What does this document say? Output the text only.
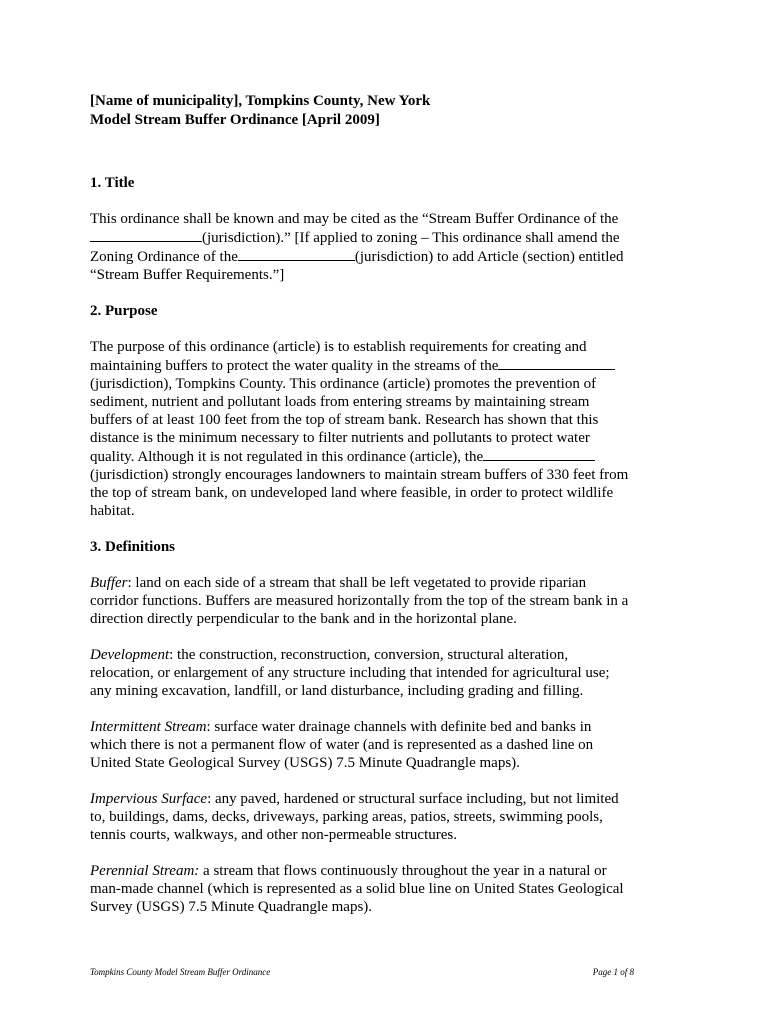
[Name of municipality], Tompkins County, New York

Model Stream Buffer Ordinance [April 2009]

1. Title

This ordinance shall be known and may be cited as the “Stream Buffer Ordinance of the(jurisdiction).” [If applied to zoning – This ordinance shall amend the Zoning Ordinance of the	(jurisdiction) to add Article (section) entitled “Stream Buffer Requirements.”]

2. Purpose

The purpose of this ordinance (article) is to establish requirements for creating and maintaining buffers to protect the water quality in the streams of the(jurisdiction), Tompkins County. This ordinance (article) promotes the prevention of sediment, nutrient and pollutant loads from entering streams by maintaining stream buffers of at least 100 feet from the top of stream bank. Research has shown that this distance is the minimum necessary to filter nutrients and pollutants to protect water quality. Although it is not regulated in this ordinance (article), the(jurisdiction) strongly encourages landowners to maintain stream buffers of 330 feet from the top of stream bank, on undeveloped land where feasible, in order to protect wildlife habitat.

3. Definitions

Buffer: land on each side of a stream that shall be left vegetated to provide riparian corridor functions. Buffers are measured horizontally from the top of the stream bank in a direction directly perpendicular to the bank and in the horizontal plane.

Development: the construction, reconstruction, conversion, structural alteration, relocation, or enlargement of any structure including that intended for agricultural use; any mining excavation, landfill, or land disturbance, including grading and filling.

Intermittent Stream: surface water drainage channels with definite bed and banks in which there is not a permanent flow of water (and is represented as a dashed line on United State Geological Survey (USGS) 7.5 Minute Quadrangle maps).

Impervious Surface: any paved, hardened or structural surface including, but not limited to, buildings, dams, decks, driveways, parking areas, patios, streets, swimming pools, tennis courts, walkways, and other non-permeable structures.

Perennial Stream: a stream that flows continuously throughout the year in a natural or man-made channel (which is represented as a solid blue line on United States Geological Survey (USGS) 7.5 Minute Quadrangle maps).

Tompkins County Model Stream Buffer Ordinance	Page 1 of 8
